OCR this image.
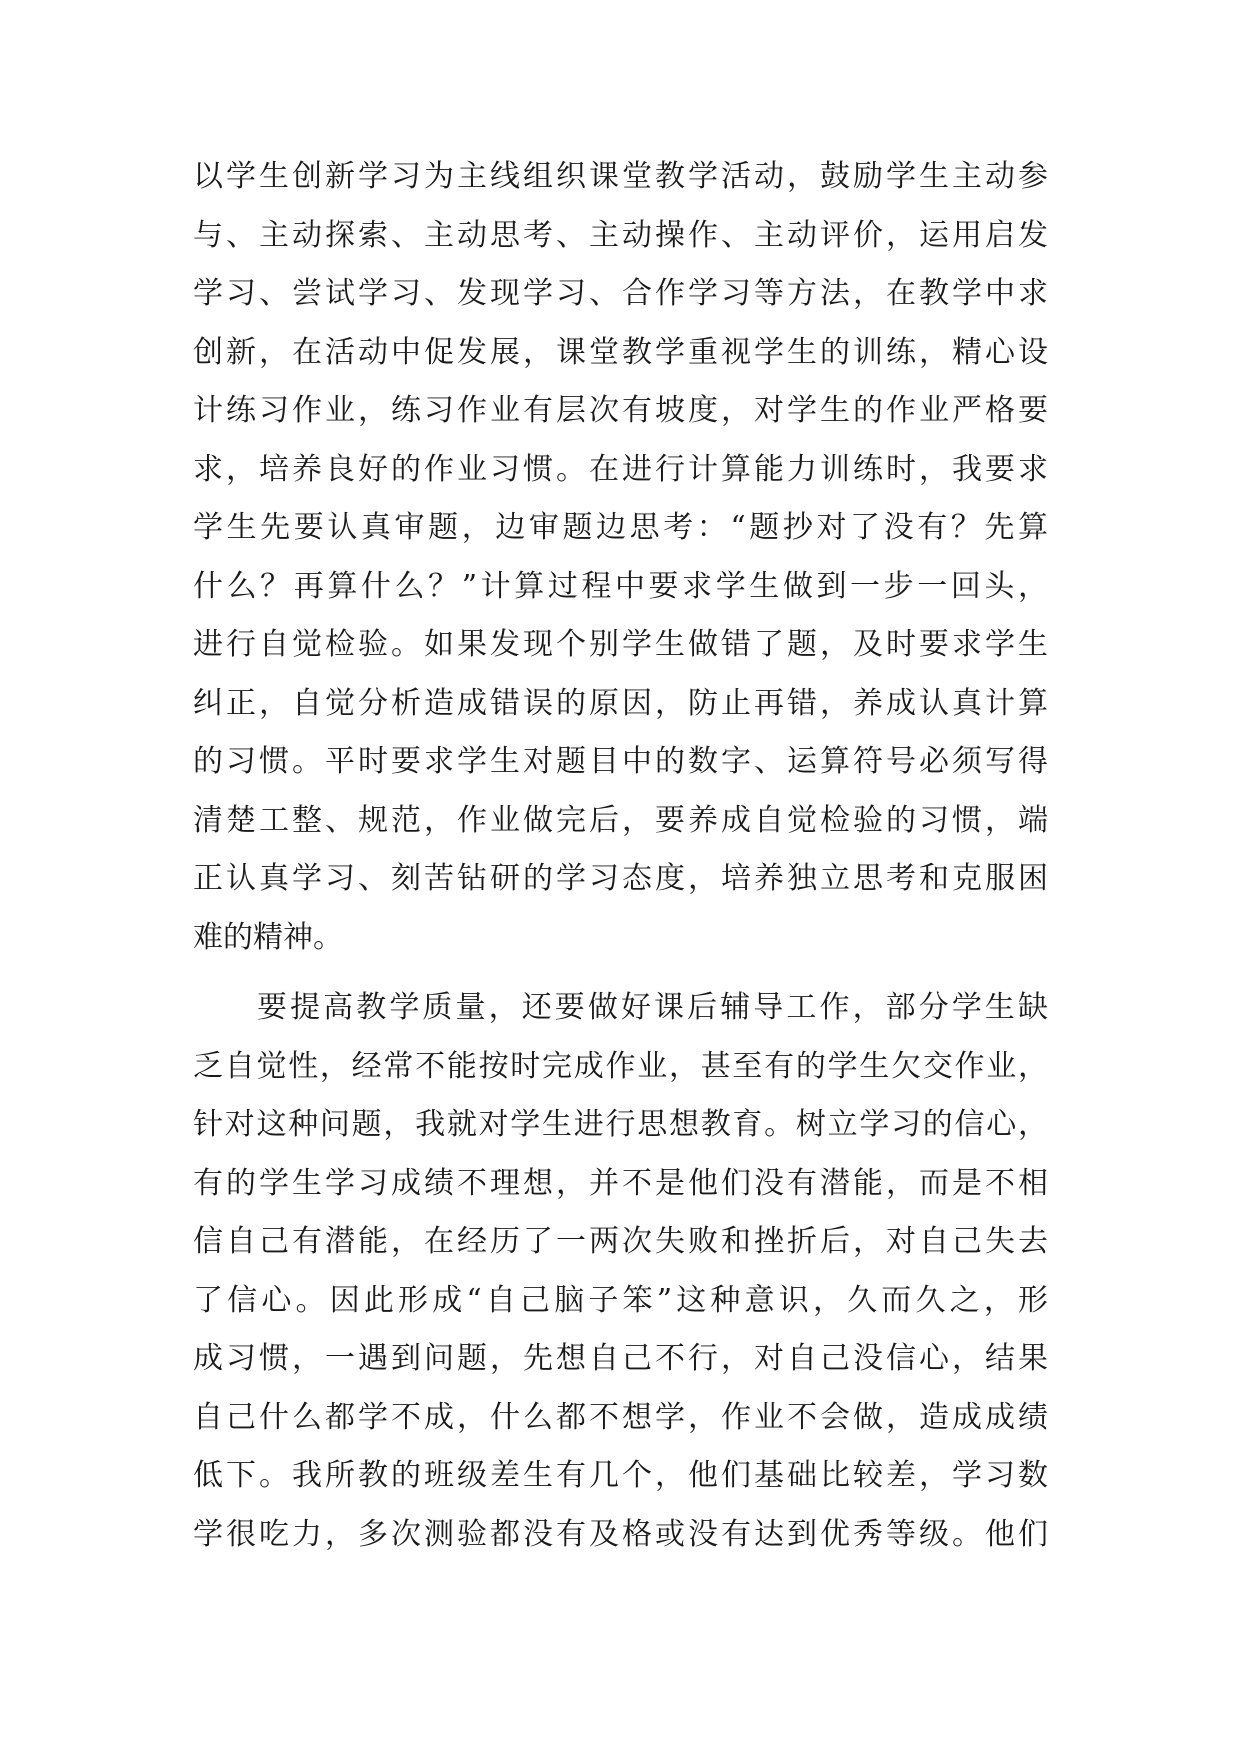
以学生创新学习为主线组织课堂教学活动，鼓励学生主动参
与、主动探索、主动思考、主动操作、主动评价，运用启发
学习、尝试学习、发现学习、合作学习等方法，在教学中求
创新，在活动中促发展，课堂教学重视学生的训练，精心设
计练习作业，练习作业有层次有坡度，对学生的作业严格要
求，培养良好的作业习惯。在进行计算能力训练时，我要求
学生先要认真审题，边审题边思考：“题抄对了没有？先算
什么？再算什么？”计算过程中要求学生做到一步一回头，
进行自觉检验。如果发现个别学生做错了题，及时要求学生
纠正，自觉分析造成错误的原因，防止再错，养成认真计算
的习惯。平时要求学生对题目中的数字、运算符号必须写得
清楚工整、规范，作业做完后，要养成自觉检验的习惯，端
正认真学习、刻苦钻研的学习态度，培养独立思考和克服困
难的精神。
要提高教学质量，还要做好课后辅导工作，部分学生缺
乏自觉性，经常不能按时完成作业，甚至有的学生欠交作业，
针对这种问题，我就对学生进行思想教育。树立学习的信心，
有的学生学习成绩不理想，并不是他们没有潜能，而是不相
信自己有潜能，在经历了一两次失败和挫折后，对自己失去
了信心。因此形成“自己脑子笨”这种意识，久而久之，形
成习惯，一遇到问题，先想自己不行，对自己没信心，结果
自己什么都学不成，什么都不想学，作业不会做，造成成绩
低下。我所教的班级差生有几个，他们基础比较差，学习数
学很吃力，多次测验都没有及格或没有达到优秀等级。他们
